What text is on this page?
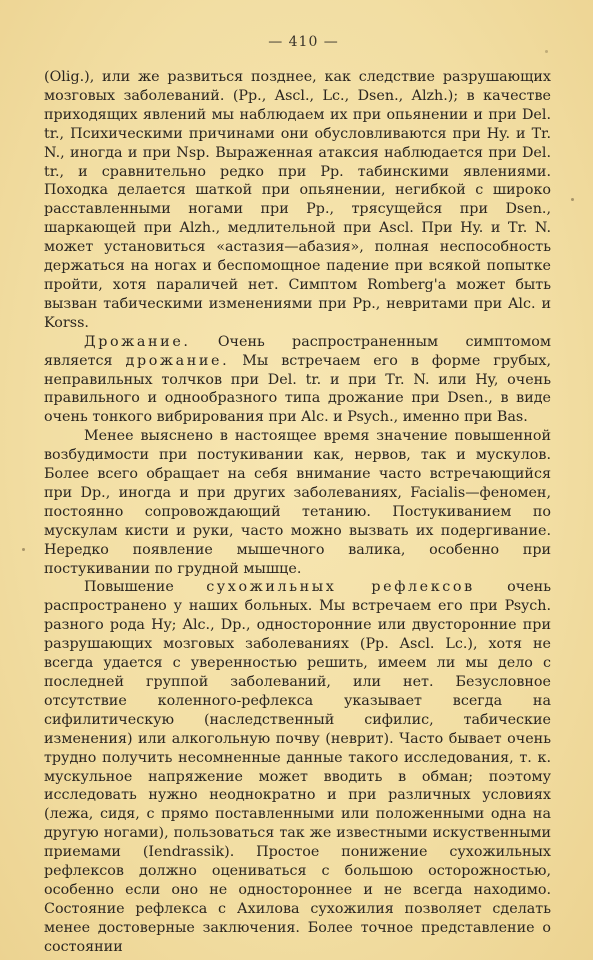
— 410 —

(Olig.), или же развиться позднее, как следствие разрушающих мозговых заболеваний. (Pp., Ascl., Lc., Dsen., Alzh.); в качестве приходящих явлений мы наблюдаем их при опьянении и при Del. tr., Психическими причинами они обусловливаются при Hy. и Tr. N., иногда и при Nsp. Выраженная атаксия наблюдается при Del. tr., и сравнительно редко при Pp. табинскими явлениями. Походка делается шаткой при опьянении, негибкой с широко расставленными ногами при Pp., трясущейся при Dsen., шаркающей при Alzh., медлительной при Ascl. При Hy. и Tr. N. может установиться «астазия—абазия», полная неспособность держаться на ногах и беспомощное падение при всякой попытке пройти, хотя параличей нет. Симптом Romberg'а может быть вызван табическими изменениями при Pp., невритами при Alc. и Korss.

Дрожание. Очень распространенным симптомом является дрожание. Мы встречаем его в форме грубых, неправильных толчков при Del. tr. и при Tr. N. или Hy, очень правильного и однообразного типа дрожание при Dsen., в виде очень тонкого вибрирования при Alc. и Psych., именно при Bas.

Менее выяснено в настоящее время значение повышенной возбудимости при постукивании как, нервов, так и мускулов. Более всего обращает на себя внимание часто встречающийся при Dp., иногда и при других заболеваниях, Facialis—феномен, постоянно сопровождающий тетанию. Постукиванием по мускулам кисти и руки, часто можно вызвать их подергивание. Нередко появление мышечного валика, особенно при постукивании по грудной мышце.

Повышение сухожильных рефлексов очень распространено у наших больных. Мы встречаем его при Psych. разного рода Hy; Alc., Dp., односторонние или двусторонние при разрушающих мозговых заболеваниях (Pp. Ascl. Lc.), хотя не всегда удается с уверенностью решить, имеем ли мы дело с последней группой заболеваний, или нет. Безусловное отсутствие коленного-рефлекса указывает всегда на сифилитическую (наследственный сифилис, табические изменения) или алкогольную почву (неврит). Часто бывает очень трудно получить несомненные данные такого исследования, т. к. мускульное напряжение может вводить в обман; поэтому исследовать нужно неоднократно и при различных условиях (лежа, сидя, с прямо поставленными или положенными одна на другую ногами), пользоваться так же известными искуственными приемами (Iendrassik). Простое понижение сухожильных рефлексов должно оцениваться с большою осторожностью, особенно если оно не одностороннее и не всегда находимо. Состояние рефлекса с Ахилова сухожилия позволяет сделать менее достоверные заключения. Более точное представление о состоянии
